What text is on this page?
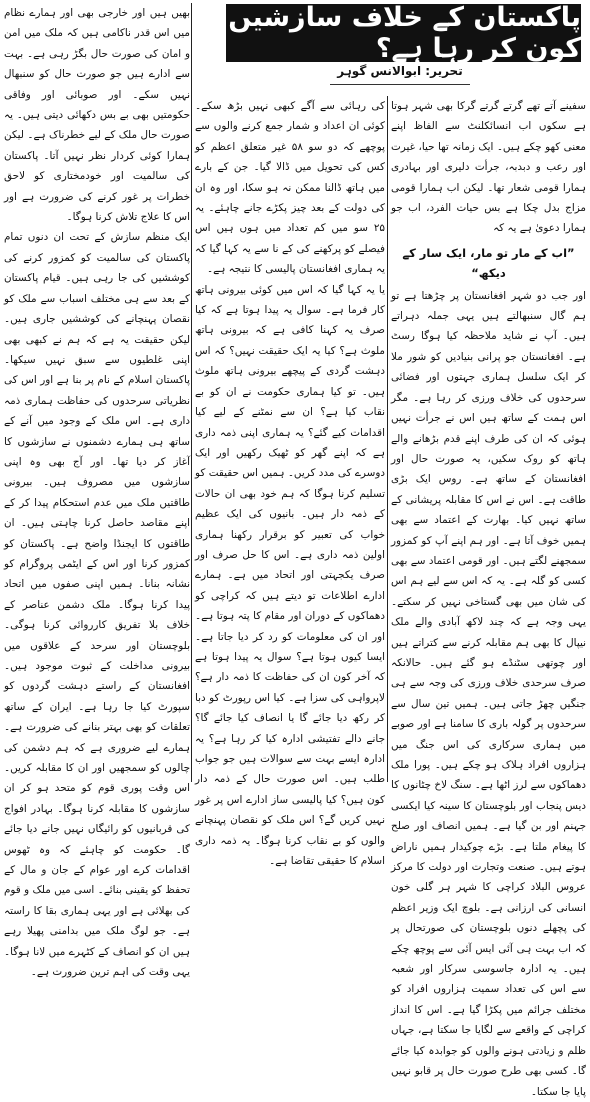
پاکستان کے خلاف سازشیں کون کر رہا ہے؟
تحریر: ابوالانس گوہر

سفینے آتے تھے گرتے گرتے گرکا بھی شہر ہوتا ہے سکوں اب انسائکلنٹ سے الفاظ اپنے معنی کھو چکے ہیں۔ ایک زمانہ تھا حیا، غیرت اور رعب و دبدبہ، جرأت دلیری اور بہادری ہمارا قومی شعار تھا۔ لیکن اب ہمارا قومی مزاج بدل چکا ہے بس حیات الفرد، اب جو ہمارا دعویٰ ہے یہ کہ

”اب کے مار تو مار، ایک سار کے دیکھ“

اور جب دو شہر افغانستان پر چڑھتا ہے تو ہم گال سنبھالتے ہیں یہی جملہ دہراتے ہیں۔ آپ نے شاید ملاحظہ کیا ہوگا رسٹ ہے۔ افغانستان جو پرانی بنیادیں کو شور ملا کر ایک سلسل ہماری جہتوں اور فضائی سرحدوں کی خلاف ورزی کر رہا ہے۔ مگر اس ہمت کے ساتھ ہیں اس نے جرأت نہیں ہوئی کہ ان کی طرف اپنے قدم بڑھانے والے ہاتھ کو روک سکیں، یہ صورت حال اور افغانستان کے ساتھ ہے۔ روس ایک بڑی طاقت ہے۔ اس نے اس کا مقابلہ پریشانی کے ساتھ نہیں کیا۔ بھارت کے اعتماد سے بھی ہمیں خوف آتا ہے۔ اور ہم اپنے آپ کو کمزور سمجھنے لگتے ہیں۔ اور قومی اعتماد سے بھی کسی کو گلہ ہے۔ یہ کہ اس سے لیے ہم اس کی شان میں بھی گستاخی نہیں کر سکتے۔ یہی وجہ ہے کہ چند لاکھ آبادی والے ملک نیپال کا بھی ہم مقابلہ کرنے سے کتراتے ہیں اور چوتھی سٹنڈے ہو گئے ہیں۔ حالانکہ صرف سرحدی خلاف ورزی کی وجہ سے ہی جنگیں چھڑ جاتی ہیں۔ ہمیں تین سال سے سرحدوں پر گولہ باری کا سامنا ہے اور صوبے میں ہماری سرکاری کی اس جنگ میں ہزاروں افراد ہلاک ہو چکے ہیں۔ پورا ملک دھماکوں سے لرز اٹھا ہے۔ سنگ لاخ چٹانوں کا دیس پنجاب اور بلوچستان کا سینہ کیا ایکسی جہنم اور بن گیا ہے۔ ہمیں انصاف اور صلح کا پیغام ملتا ہے۔ بڑے چوکیدار ہمیں ناراض ہوتے ہیں۔ صنعت وتجارت اور دولت کا مرکز عروس البلاد کراچی کا شہر ہر گلی خون انسانی کی ارزانی ہے۔ بلوچ ایک وزیر اعظم کی پچھلے دنوں بلوچستان کی صورتحال پر کہ اب بہت ہی آئی ایس آئی سے پوچھ چکے ہیں۔ یہ ادارہ جاسوسی سرکار اور شعبہ سے اس کی تعداد سمیت ہزاروں افراد کو مختلف جرائم میں پکڑا گیا ہے۔ اس کا انداز کراچی کے واقعے سے لگایا جا سکتا ہے، جہاں ظلم و زیادتی ہونے والوں کو جوابدہ کیا جائے گا۔ کسی بھی طرح صورت حال پر قابو نہیں پایا جا سکتا۔

کی رہائی سے آگے کبھی نہیں بڑھ سکے۔ کوئی ان اعداد و شمار جمع کرنے والوں سے پوچھے کہ دو سو ۵۸ غیر متعلق اعظم کو کس کی تحویل میں ڈالا گیا۔ جن کے بارے میں ہاتھ ڈالنا ممکن نہ ہو سکا، اور وہ ان کی دولت کے بعد چیز پکڑے جانے چاہئے۔ یہ ۲۵ سو میں کم تعداد میں ہوں ہیں اس فیصلے کو پرکھنے کی کے نا سے یہ کہا گیا کہ یہ ہماری افغانستان پالیسی کا نتیجہ ہے۔

یا یہ کہا گیا کہ اس میں کوئی بیرونی ہاتھ کار فرما ہے۔ سوال یہ پیدا ہوتا ہے کہ کیا صرف یہ کہنا کافی ہے کہ بیرونی ہاتھ ملوث ہے؟ کیا یہ ایک حقیقت نہیں؟ کہ اس دہشت گردی کے پیچھے بیرونی ہاتھ ملوث ہیں۔ تو کیا ہماری حکومت نے ان کو بے نقاب کیا ہے؟ ان سے نمٹنے کے لیے کیا اقدامات کیے گئے؟ یہ ہماری اپنی ذمہ داری ہے کہ اپنے گھر کو ٹھیک رکھیں اور ایک دوسرے کی مدد کریں۔ ہمیں اس حقیقت کو تسلیم کرنا ہوگا کہ ہم خود بھی ان حالات کے ذمہ دار ہیں۔ بانیوں کی ایک عظیم خواب کی تعبیر کو برقرار رکھنا ہماری اولین ذمہ داری ہے۔ اس کا حل صرف اور صرف یکجہتی اور اتحاد میں ہے۔ ہمارے ادارے اطلاعات تو دیتے ہیں کہ کراچی کو دھماکوں کے دوران اور مقام کا پتہ ہوتا ہے۔ اور ان کی معلومات کو رد کر دیا جاتا ہے۔ ایسا کیوں ہوتا ہے؟ سوال یہ پیدا ہوتا ہے کہ آخر کون ان کی حفاظت کا ذمہ دار ہے؟ لاپرواہی کی سزا ہے۔ کیا اس رپورٹ کو دبا کر رکھ دیا جائے گا یا انصاف کیا جائے گا؟ جانے دالے تفتیشی ادارہ کیا کر رہا ہے؟ یہ ادارہ ایسے بہت سے سوالات ہیں جو جواب طلب ہیں۔ اس صورت حال کے ذمہ دار کون ہیں؟ کیا پالیسی ساز ادارے اس پر غور نہیں کریں گے؟ اس ملک کو نقصان پہنچانے والوں کو بے نقاب کرنا ہوگا۔ یہ ذمہ داری اسلام کا حقیقی تقاضا ہے۔

بھیں ہیں اور خارجی بھی اور ہمارے نظام میں اس قدر ناکامی ہیں کہ ملک میں امن و امان کی صورت حال بگڑ رہی ہے۔ بہت سے ادارے ہیں جو صورت حال کو سنبھال نہیں سکے۔ اور صوبائی اور وفاقی حکومتیں بھی بے بس دکھائی دیتی ہیں۔ یہ صورت حال ملک کے لیے خطرناک ہے۔ لیکن ہمارا کوئی کردار نظر نہیں آتا۔ پاکستان کی سالمیت اور خودمختاری کو لاحق خطرات پر غور کرنے کی ضرورت ہے اور اس کا علاج تلاش کرنا ہوگا۔

ایک منظم سازش کے تحت ان دنوں تمام پاکستان کی سالمیت کو کمزور کرنے کی کوششیں کی جا رہی ہیں۔ قیام پاکستان کے بعد سے ہی مختلف اسباب سے ملک کو نقصان پہنچانے کی کوششیں جاری ہیں۔ لیکن حقیقت یہ ہے کہ ہم نے کبھی بھی اپنی غلطیوں سے سبق نہیں سیکھا۔ پاکستان اسلام کے نام پر بنا ہے اور اس کی نظریاتی سرحدوں کی حفاظت ہماری ذمہ داری ہے۔ اس ملک کے وجود میں آنے کے ساتھ ہی ہمارے دشمنوں نے سازشوں کا آغاز کر دیا تھا۔ اور آج بھی وہ اپنی سازشوں میں مصروف ہیں۔ بیرونی طاقتیں ملک میں عدم استحکام پیدا کر کے اپنے مقاصد حاصل کرنا چاہتی ہیں۔ ان طاقتوں کا ایجنڈا واضح ہے۔ پاکستان کو کمزور کرنا اور اس کے ایٹمی پروگرام کو نشانہ بنانا۔ ہمیں اپنی صفوں میں اتحاد پیدا کرنا ہوگا۔ ملک دشمن عناصر کے خلاف بلا تفریق کارروائی کرنا ہوگی۔ بلوچستان اور سرحد کے علاقوں میں بیرونی مداخلت کے ثبوت موجود ہیں۔ افغانستان کے راستے دہشت گردوں کو سپورٹ کیا جا رہا ہے۔ ایران کے ساتھ تعلقات کو بھی بہتر بنانے کی ضرورت ہے۔ ہمارے لیے ضروری ہے کہ ہم دشمن کی چالوں کو سمجھیں اور ان کا مقابلہ کریں۔ اس وقت پوری قوم کو متحد ہو کر ان سازشوں کا مقابلہ کرنا ہوگا۔ بہادر افواج کی قربانیوں کو رائیگاں نہیں جانے دیا جائے گا۔ حکومت کو چاہئے کہ وہ ٹھوس اقدامات کرے اور عوام کے جان و مال کے تحفظ کو یقینی بنائے۔ اسی میں ملک و قوم کی بھلائی ہے اور یہی ہماری بقا کا راستہ ہے۔ جو لوگ ملک میں بدامنی پھیلا رہے ہیں ان کو انصاف کے کٹہرے میں لانا ہوگا۔ یہی وقت کی اہم ترین ضرورت ہے۔
